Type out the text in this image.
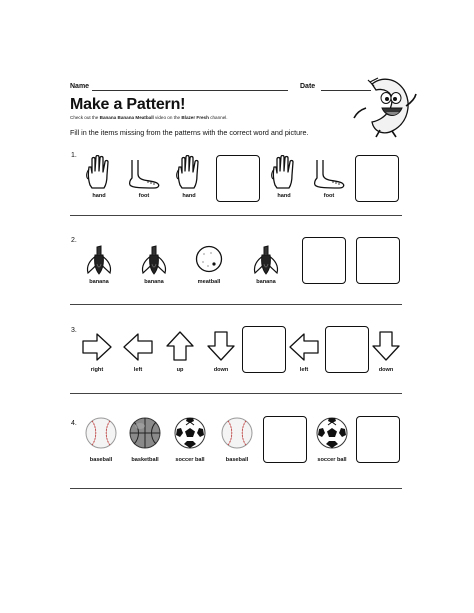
Name	Date
Make a Pattern!
Check out the Banana Banana Meatball video on the Blazer Fresh channel.
Fill in the items missing from the patterns with the correct word and picture.
1.
hand	foot	hand	hand	foot
2.
banana	banana	meatball	banana
3.
right	left	up	down	left	down
4.
baseball	basketball	soccer ball	baseball	soccer ball
